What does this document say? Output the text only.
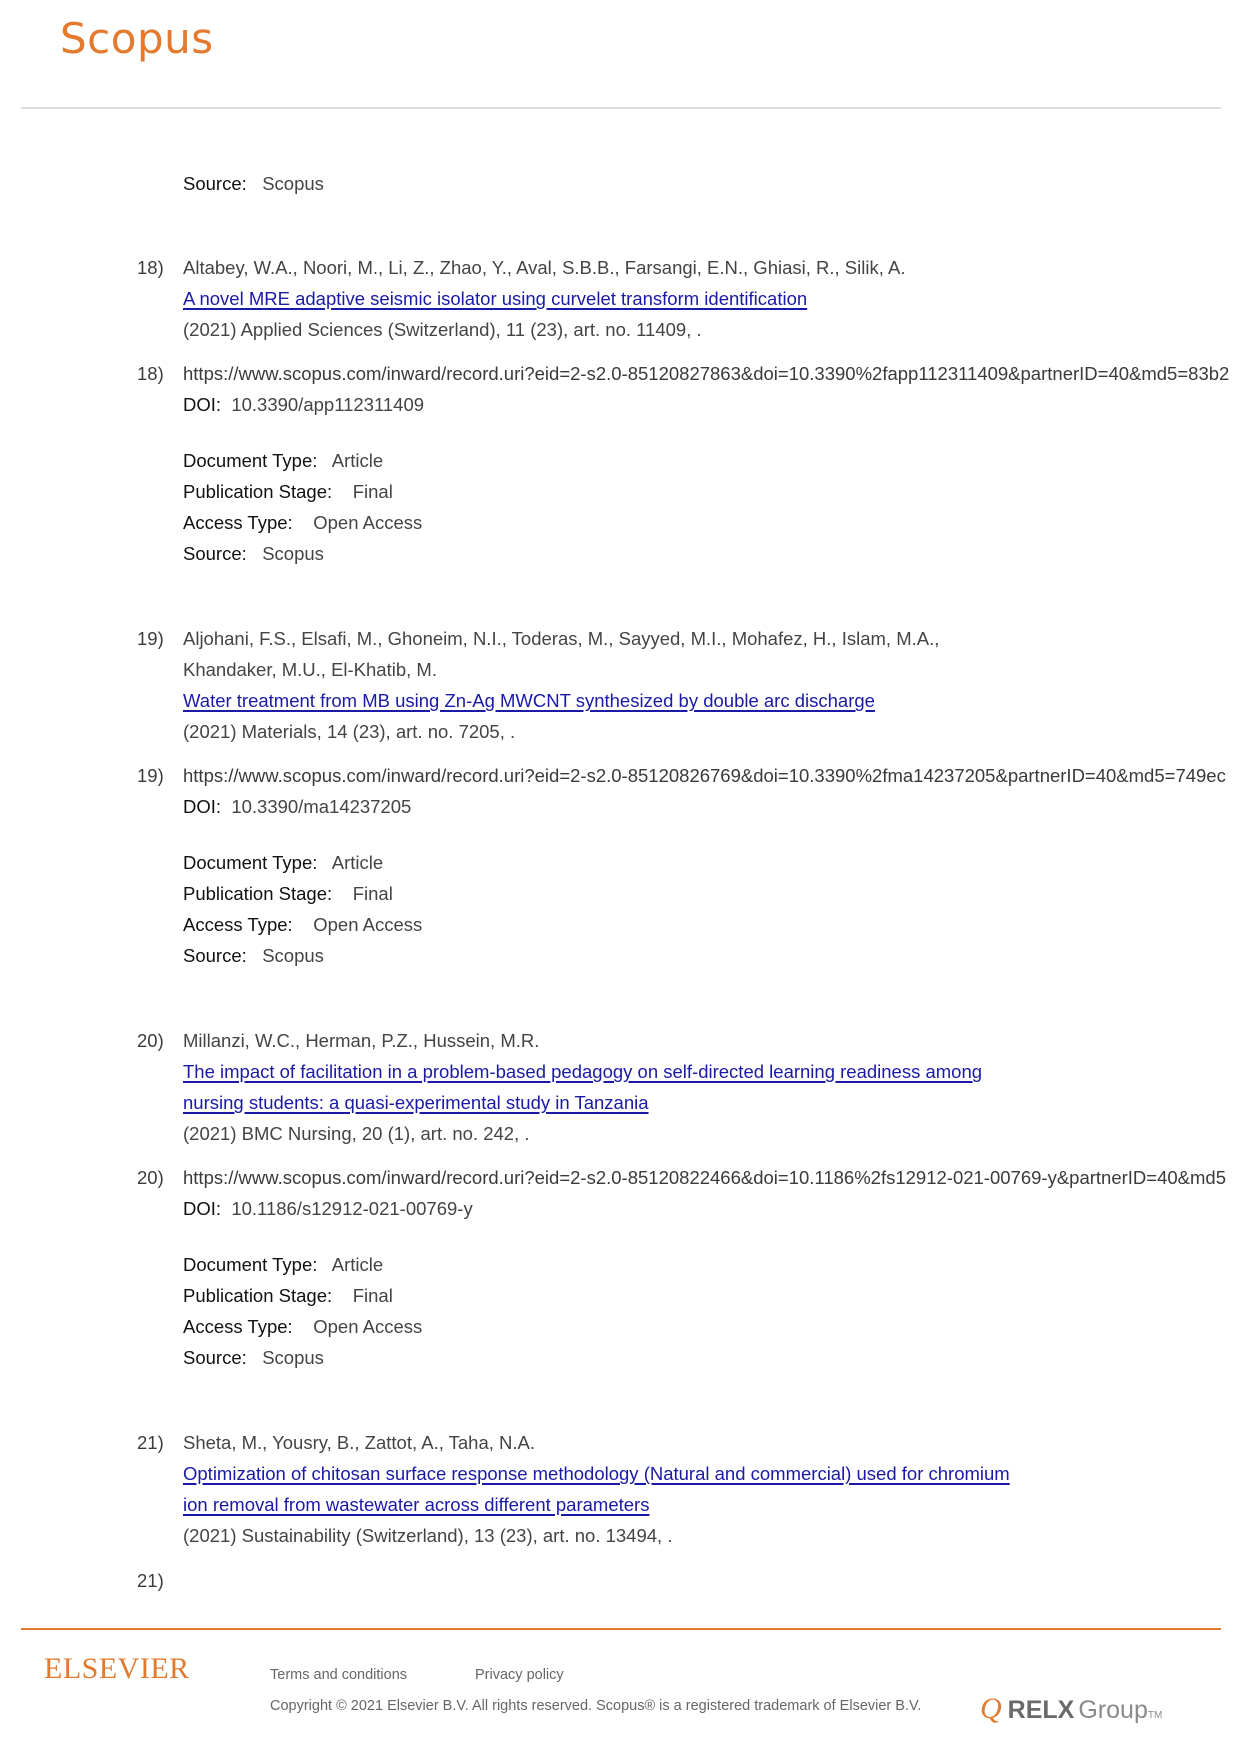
Scopus
Source: Scopus
18) Altabey, W.A., Noori, M., Li, Z., Zhao, Y., Aval, S.B.B., Farsangi, E.N., Ghiasi, R., Silik, A.
A novel MRE adaptive seismic isolator using curvelet transform identification
(2021) Applied Sciences (Switzerland), 11 (23), art. no. 11409, .
18) https://www.scopus.com/inward/record.uri?eid=2-s2.0-85120827863&doi=10.3390%2fapp112311409&partnerID=40&md5=83b2
DOI: 10.3390/app112311409
Document Type: Article
Publication Stage: Final
Access Type: Open Access
Source: Scopus
19) Aljohani, F.S., Elsafi, M., Ghoneim, N.I., Toderas, M., Sayyed, M.I., Mohafez, H., Islam, M.A.,
Khandaker, M.U., El-Khatib, M.
Water treatment from MB using Zn-Ag MWCNT synthesized by double arc discharge
(2021) Materials, 14 (23), art. no. 7205, .
19) https://www.scopus.com/inward/record.uri?eid=2-s2.0-85120826769&doi=10.3390%2fma14237205&partnerID=40&md5=749ec
DOI: 10.3390/ma14237205
Document Type: Article
Publication Stage: Final
Access Type: Open Access
Source: Scopus
20) Millanzi, W.C., Herman, P.Z., Hussein, M.R.
The impact of facilitation in a problem-based pedagogy on self-directed learning readiness among
nursing students: a quasi-experimental study in Tanzania
(2021) BMC Nursing, 20 (1), art. no. 242, .
20) https://www.scopus.com/inward/record.uri?eid=2-s2.0-85120822466&doi=10.1186%2fs12912-021-00769-y&partnerID=40&md5
DOI: 10.1186/s12912-021-00769-y
Document Type: Article
Publication Stage: Final
Access Type: Open Access
Source: Scopus
21) Sheta, M., Yousry, B., Zattot, A., Taha, N.A.
Optimization of chitosan surface response methodology (Natural and commercial) used for chromium
ion removal from wastewater across different parameters
(2021) Sustainability (Switzerland), 13 (23), art. no. 13494, .
21)
ELSEVIER	Terms and conditions	Privacy policy
Copyright © 2021 Elsevier B.V. All rights reserved. Scopus® is a registered trademark of Elsevier B.V. Q RELX Group TM
